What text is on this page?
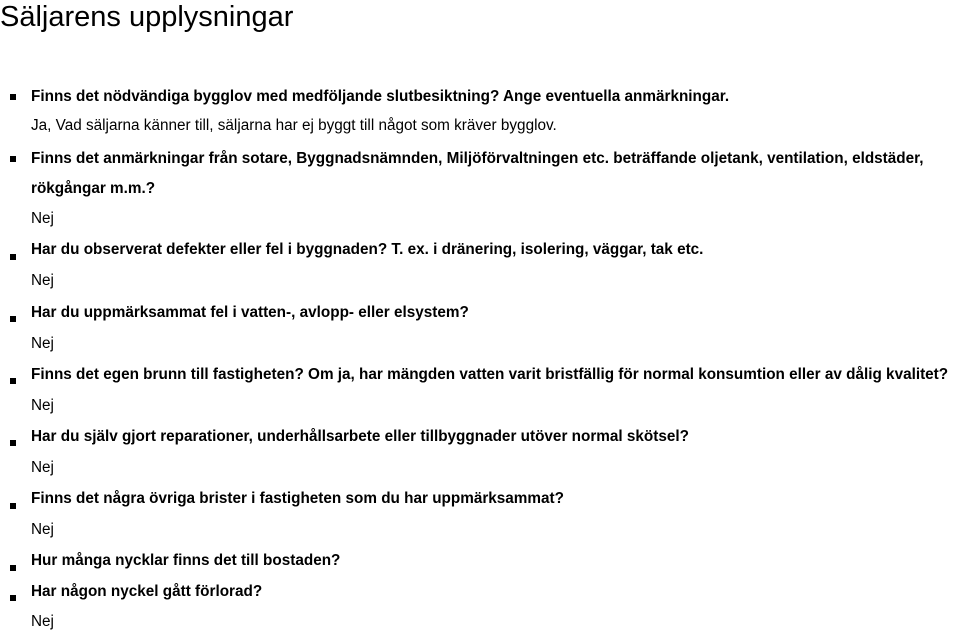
Säljarens upplysningar
Finns det nödvändiga bygglov med medföljande slutbesiktning? Ange eventuella anmärkningar.
Ja, Vad säljarna känner till, säljarna har ej byggt till något som kräver bygglov.
Finns det anmärkningar från sotare, Byggnadsnämnden, Miljöförvaltningen etc. beträffande oljetank, ventilation, eldstäder,
rökgångar m.m.?
Nej
Har du observerat defekter eller fel i byggnaden? T. ex. i dränering, isolering, väggar, tak etc.
Nej
Har du uppmärksammat fel i vatten-, avlopp- eller elsystem?
Nej
Finns det egen brunn till fastigheten? Om ja, har mängden vatten varit bristfällig för normal konsumtion eller av dålig kvalitet?
Nej
Har du själv gjort reparationer, underhållsarbete eller tillbyggnader utöver normal skötsel?
Nej
Finns det några övriga brister i fastigheten som du har uppmärksammat?
Nej
Hur många nycklar finns det till bostaden?
Har någon nyckel gått förlorad?
Nej
